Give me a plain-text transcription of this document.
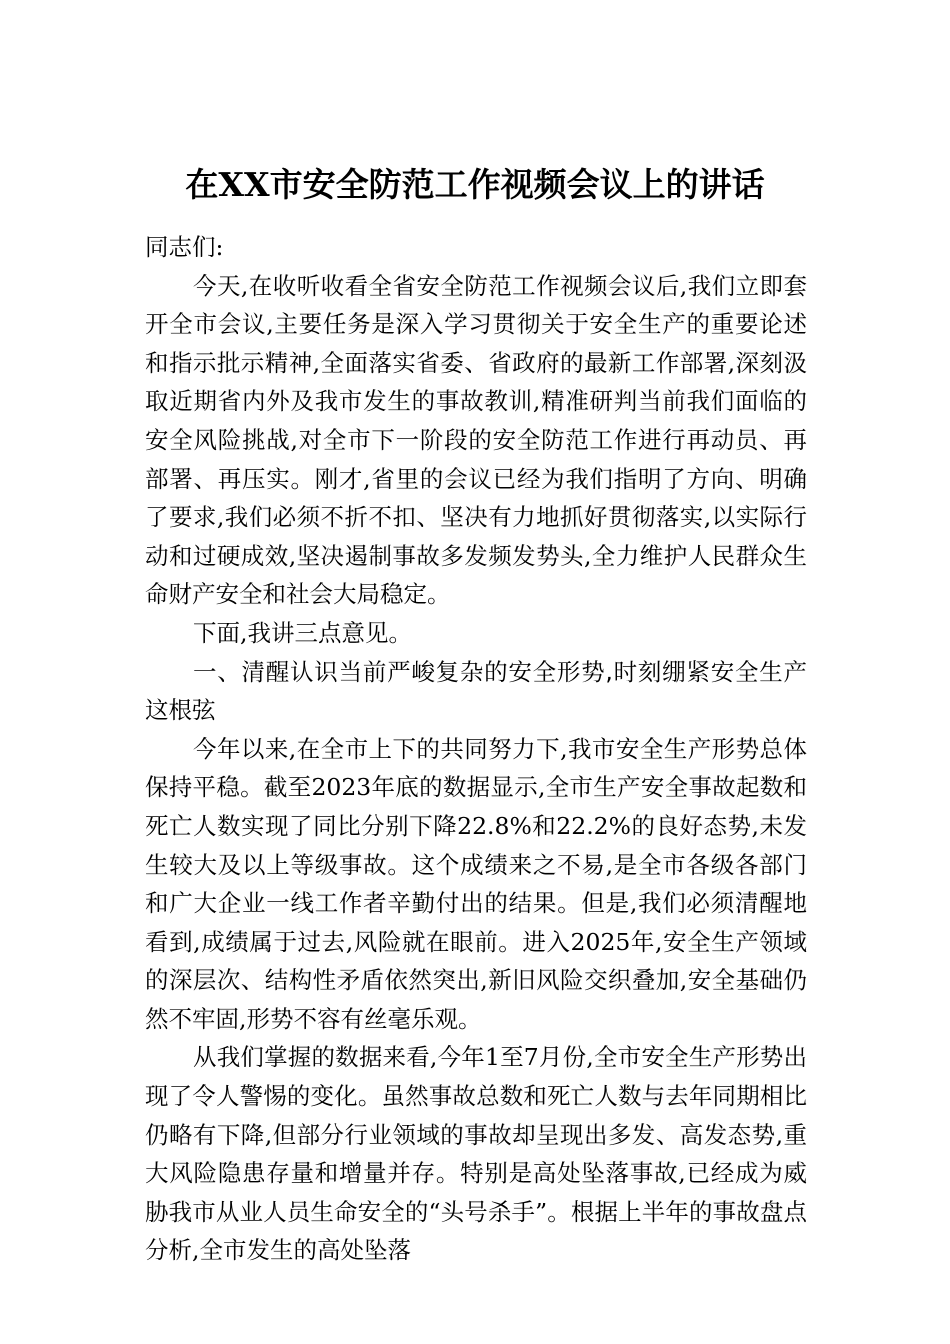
在XX市安全防范工作视频会议上的讲话

同志们:

今天,在收听收看全省安全防范工作视频会议后,我们立即套开全市会议,主要任务是深入学习贯彻关于安全生产的重要论述和指示批示精神,全面落实省委、省政府的最新工作部署,深刻汲取近期省内外及我市发生的事故教训,精准研判当前我们面临的安全风险挑战,对全市下一阶段的安全防范工作进行再动员、再部署、再压实。刚才,省里的会议已经为我们指明了方向、明确了要求,我们必须不折不扣、坚决有力地抓好贯彻落实,以实际行动和过硬成效,坚决遏制事故多发频发势头,全力维护人民群众生命财产安全和社会大局稳定。

下面,我讲三点意见。

一、清醒认识当前严峻复杂的安全形势,时刻绷紧安全生产这根弦

今年以来,在全市上下的共同努力下,我市安全生产形势总体保持平稳。截至2023年底的数据显示,全市生产安全事故起数和死亡人数实现了同比分别下降22.8%和22.2%的良好态势,未发生较大及以上等级事故。这个成绩来之不易,是全市各级各部门和广大企业一线工作者辛勤付出的结果。但是,我们必须清醒地看到,成绩属于过去,风险就在眼前。进入2025年,安全生产领域的深层次、结构性矛盾依然突出,新旧风险交织叠加,安全基础仍然不牢固,形势不容有丝毫乐观。

从我们掌握的数据来看,今年1至7月份,全市安全生产形势出现了令人警惕的变化。虽然事故总数和死亡人数与去年同期相比仍略有下降,但部分行业领域的事故却呈现出多发、高发态势,重大风险隐患存量和增量并存。特别是高处坠落事故,已经成为威胁我市从业人员生命安全的“头号杀手”。根据上半年的事故盘点分析,全市发生的高处坠落
